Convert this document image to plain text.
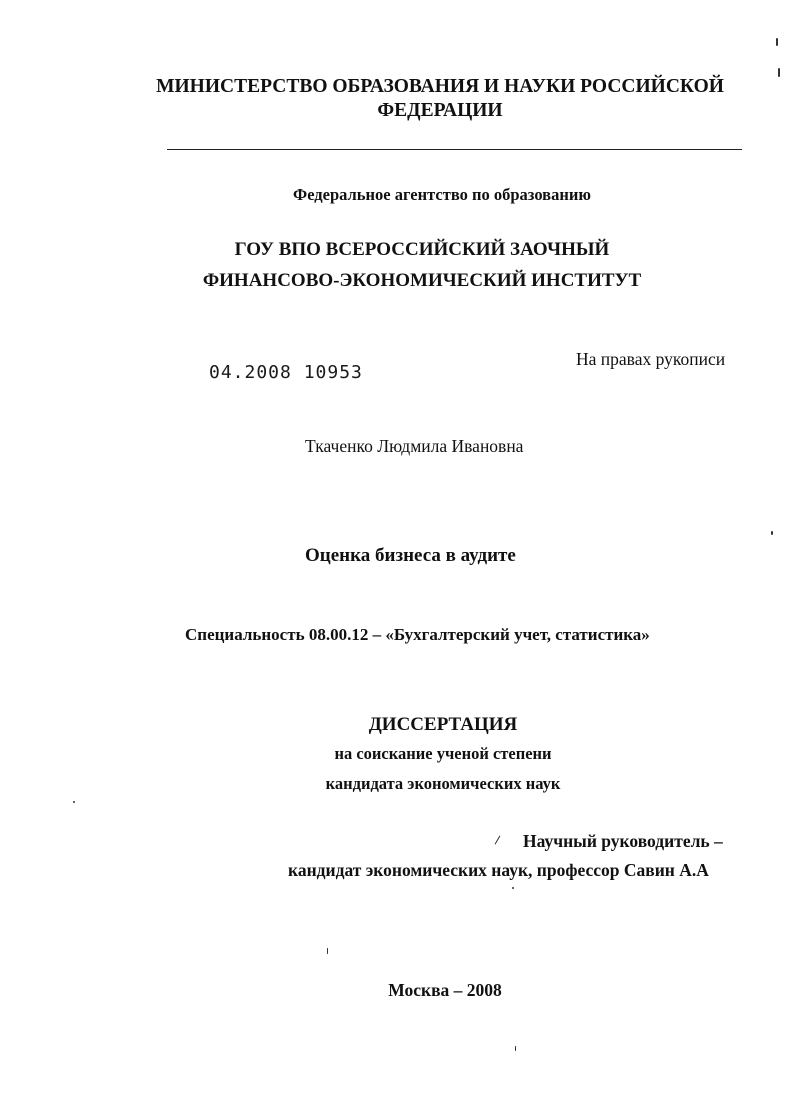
МИНИСТЕРСТВО ОБРАЗОВАНИЯ И НАУКИ РОССИЙСКОЙ ФЕДЕРАЦИИ
Федеральное агентство по образованию
ГОУ ВПО ВСЕРОССИЙСКИЙ ЗАОЧНЫЙ
ФИНАНСОВО-ЭКОНОМИЧЕСКИЙ ИНСТИТУТ
04.2008 10953
На правах рукописи
Ткаченко Людмила Ивановна
Оценка бизнеса в аудите
Специальность 08.00.12 – «Бухгалтерский учет, статистика»
ДИССЕРТАЦИЯ
на соискание ученой степени
кандидата экономических наук
Научный руководитель –
кандидат экономических наук, профессор Савин А.А
Москва – 2008
